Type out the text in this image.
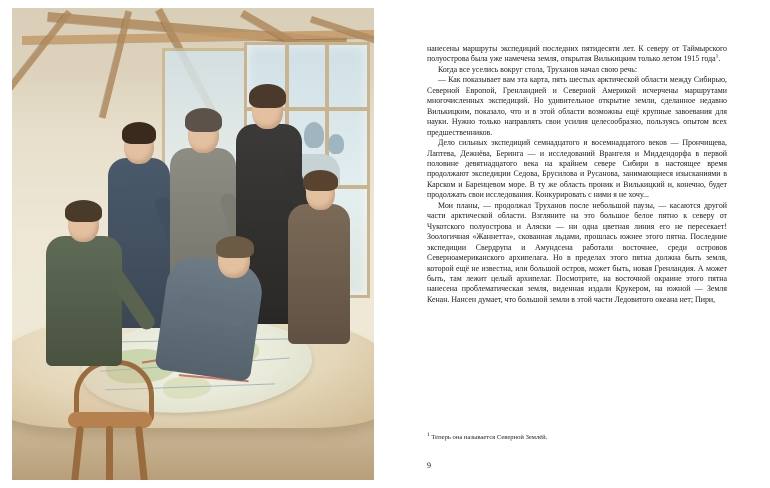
нанесены маршруты экспедиций последних пятидесяти лет. К северу от Таймырского полуострова была уже намечена земля, открытая Вилькицким только летом 1915 года$^1$.

Когда все уселись вокруг стола, Труханов начал свою речь:

— Как показывает вам эта карта, пять шестых арктической области между Сибирью, Северной Европой, Гренландией и Северной Америкой исчерчены маршрутами многочисленных экспедиций. Но удивительное открытие земли, сделанное недавно Вилькицким, показало, что и в этой области возможны ещё крупные завоевания для науки. Нужно только направлять свои усилия целесообразно, пользуясь опытом всех предшественников.

Дело сильных экспедиций семнадцатого и восемнадцатого веков — Прончищева, Лаптева, Дежнёва, Беринга — и исследований Врангеля и Миддендорфа в первой половине девятнадцатого века на крайнем севере Сибири в настоящее время продолжают экспедиции Седова, Брусилова и Русанова, занимающиеся изысканиями в Карском и Баренцевом море. В ту же область проник и Вилькицкий и, конечно, будет продолжать свои исследования. Конкурировать с ними я не хочу...

Мои планы, — продолжал Труханов после небольшой паузы, — касаются другой части арктической области. Взгляните на это большое белое пятно к северу от Чукотского полуострова и Аляски — ни одна цветная линия его не пересекает! Зоологичная «Жаннетта», скованная льдами, прошлась южнее этого пятна. Последние экспедиции Свердрупа и Амундсена работали восточнее, среди островов Северноамериканского архипелага. Но в пределах этого пятна должна быть земля, которой ещё не известна, или большой остров, может быть, новая Гренландия. А может быть, там лежит целый архипелаг. Посмотрите, на восточной окраине этого пятна нанесена проблематическая земля, виденная издали Крукером, на южной — Земля Кенан. Нансен думает, что большой земли в этой части Ледовитого океана нет; Пири,

$^1$ Теперь она называется Северной Землёй.
9
